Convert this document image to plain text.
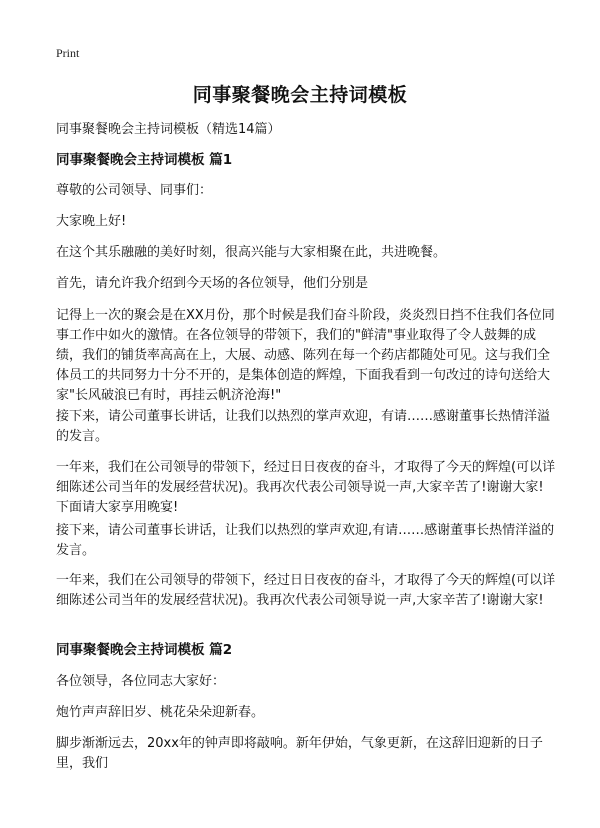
Print
同事聚餐晚会主持词模板
同事聚餐晚会主持词模板（精选14篇）
同事聚餐晚会主持词模板 篇1
尊敬的公司领导、同事们：
大家晚上好!
在这个其乐融融的美好时刻，很高兴能与大家相聚在此，共进晚餐。
首先，请允许我介绍到今天场的各位领导，他们分别是
记得上一次的聚会是在XX月份，那个时候是我们奋斗阶段，炎炎烈日挡不住我们各位同事工作中如火的激情。在各位领导的带领下，我们的"鲜清"事业取得了令人鼓舞的成绩，我们的铺货率高高在上，大展、动感、陈列在每一个药店都随处可见。这与我们全体员工的共同努力十分不开的，是集体创造的辉煌，下面我看到一句改过的诗句送给大家"长风破浪已有时，再挂云帆济沧海!"
接下来，请公司董事长讲话，让我们以热烈的掌声欢迎，有请……感谢董事长热情洋溢的发言。
一年来，我们在公司领导的带领下，经过日日夜夜的奋斗，才取得了今天的辉煌(可以详细陈述公司当年的发展经营状况)。我再次代表公司领导说一声,大家辛苦了!谢谢大家!下面请大家享用晚宴!
接下来，请公司董事长讲话，让我们以热烈的掌声欢迎,有请……感谢董事长热情洋溢的发言。
一年来，我们在公司领导的带领下，经过日日夜夜的奋斗，才取得了今天的辉煌(可以详细陈述公司当年的发展经营状况)。我再次代表公司领导说一声,大家辛苦了!谢谢大家!
同事聚餐晚会主持词模板 篇2
各位领导，各位同志大家好：
炮竹声声辞旧岁、桃花朵朵迎新春。
脚步渐渐远去，20xx年的钟声即将敲响。新年伊始，气象更新，在这辞旧迎新的日子里，我们
